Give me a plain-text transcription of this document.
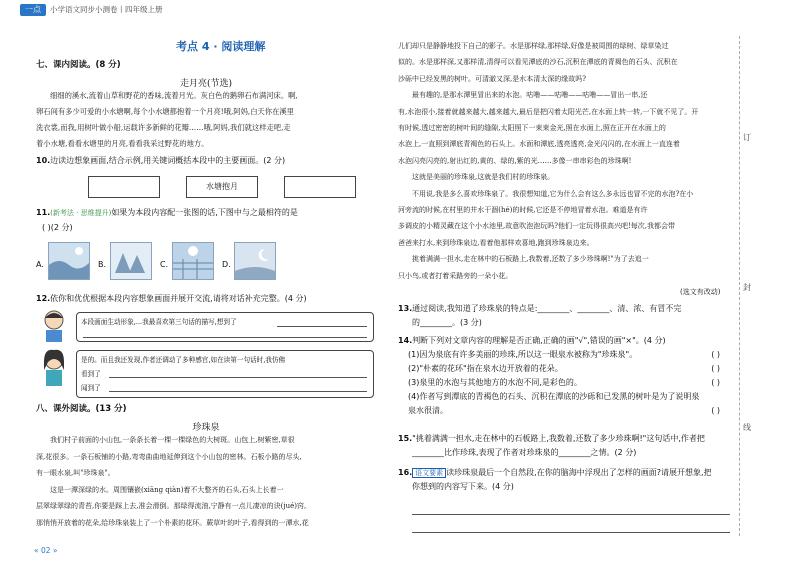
一点	小学语文同步小测卷丨四年级上册
考点 4 · 阅读理解
七、课内阅读。(8 分)
走月亮(节选)
细细的溪水,流着山草和野花的香味,流着月光。灰白色的鹅卵石布满河床。啊,
卵石间有多少可爱的小水塘啊,每个小水塘都抱着一个月亮!哦,阿妈,白天你在溪里
洗衣裳,而我,用树叶做小船,运载许多新鲜的花瓣……哦,阿妈,我们就这样走吧,走
着小水塘,看看水塘里的月亮,看看我采过野花的地方。
10.边读边想象画面,结合示例,用关键词概括本段中的主要画面。(2 分)
水塘抱月
11.(新考法 · 思维提升)如果为本段内容配一张图的话,下图中与之最相符的是
( )(2 分)
A.	B.	C.	D.
12.依你和优优根据本段内容想象画面并展开交流,请将对话补充完整。(4 分)
本段画面生动形象,...我最喜欢第三句话的描写,想到了
是的。而且我还发现,作者还调动了多种感官,如在读第一句话时,我仿佛
看到了
闻到了
八、课外阅读。(13 分)
珍珠泉
我们村子前面的小山包,一条条长着一棵一棵绿色的大树斑。山包上,树紫密,草很
深,花很多。一条石板铺的小路,弯弯曲曲地延伸到这个小山包的密林。石板小路的尽头,
有一眼水泉,叫"珍珠泉"。
这是一潭深绿的水。周围镶嵌(xiāng qiàn)着不大整齐的石头,石头上长着一
层翠绿翠绿的青苔,你要是踩上去,准会滑倒。那绿得流油,宁静有一点儿凄凉的诀(jué)窍,
那悄悄开放着的花朵,给珍珠泉装上了一个朴素的花环。蕨草叶的叶子,看得到的一潭水,花
« 02 »
儿们却只是静静地投下自己的影子。水是那样绿,那样绿,好像是被周围的绿树、绿草染过
似的。水是那样深,又那样清,清得可以看见潭底的沙石,沉积在潭底的青褐色的石头、沉积在
沙砾中已经发黑的树叶。可清澈又深,是水本清太深的缘故吗?
最有趣的,是那水潭里冒出来的水泡。咕噜——咕噜——咕噜——冒出一串,还
有,水泡很小,接着就越来越大,越来越大,最后是把闪着太阳光芒,在水面上转一转,一下就不见了。开
有时候,透过密密的树叶间的缝隙,太阳照下一束束金光,照在水面上,照在正开在水面上的
水泡上,一直照到潭底青褐色的石头上。水面和潭底,透亮透亮,金光闪闪的,在水面上一直连着
水泡闪亮闪亮的,射出红的,黄的、绿的,紫的光……多像一串串彩色的珍珠啊!
这就是美丽的珍珠泉,这就是我们村的珍珠泉。
不用说,我是多么喜欢珍珠泉了。我很想知道,它为什么会有这么多永远也冒不完的水泡?在小
河旁流的时候,在村里的井水干涸(hé)的时候,它还是不停地冒着水泡。难道是有许
多调皮的小精灵藏在这个小水池里,故意吹泡泡玩吗?他们一定玩得很高兴吧!每次,我都会带
爸爸来打水,来到珍珠泉边,看着他那样欢喜地,跑到珍珠泉边来。
挑着满满一担水,走在林中的石板路上,我数着,还数了多少珍珠啊!"为了去追一
只小鸟,或者打着采路旁的一朵小花。
(选文有改动)
13.通过阅读,我知道了珍珠泉的特点是:________、________、清、浓、有冒不完
的________。(3 分)
14.判断下列对文章内容的理解是否正确,正确的画"√",错误的画"×"。(4 分)
(1)因为泉底有许多美丽的珍珠,所以这一眼泉水被称为"珍珠泉"。	( )
(2)"朴素的花环"指在泉水边开放着的花朵。	( )
(3)泉里的水泡与其他地方的水泡不同,是彩色的。	( )
(4)作者写到潭底的青褐色的石头、沉积在潭底的沙砾和已发黑的树叶是为了说明泉
泉水很清。	( )
15."挑着满满一担水,走在林中的石板路上,我数着,还数了多少珍珠啊!"这句话中,作者把
________比作珍珠,表现了作者对珍珠泉的________之情。(2 分)
16. 语文要素 读珍珠泉最后一个自然段,在你的脑海中浮现出了怎样的画面?请展开想象,把
你想到的内容写下来。(4 分)
订
封
线
